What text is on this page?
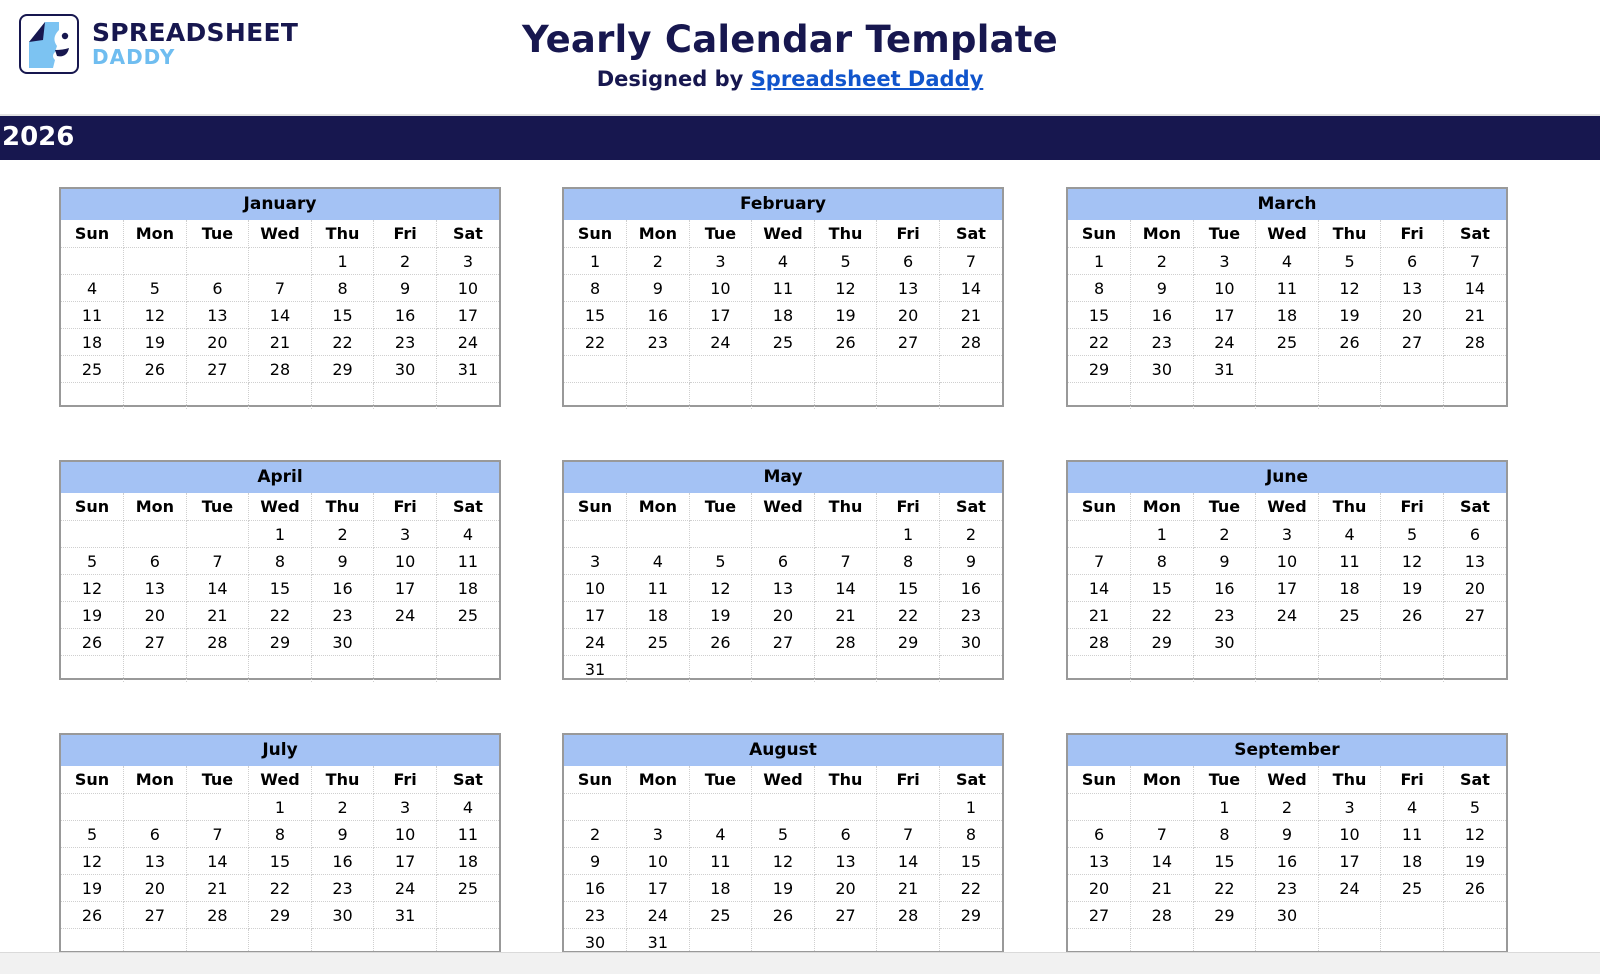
SPREADSHEET
DADDY	Yearly Calendar Template
Designed by Spreadsheet Daddy
2026
January
Sun	Mon	Tue	Wed	Thu	Fri	Sat
				1	2	3
4	5	6	7	8	9	10
11	12	13	14	15	16	17
18	19	20	21	22	23	24
25	26	27	28	29	30	31

February
Sun	Mon	Tue	Wed	Thu	Fri	Sat
1	2	3	4	5	6	7
8	9	10	11	12	13	14
15	16	17	18	19	20	21
22	23	24	25	26	27	28

March
Sun	Mon	Tue	Wed	Thu	Fri	Sat
1	2	3	4	5	6	7
8	9	10	11	12	13	14
15	16	17	18	19	20	21
22	23	24	25	26	27	28
29	30	31				

April
Sun	Mon	Tue	Wed	Thu	Fri	Sat
			1	2	3	4
5	6	7	8	9	10	11
12	13	14	15	16	17	18
19	20	21	22	23	24	25
26	27	28	29	30		

May
Sun	Mon	Tue	Wed	Thu	Fri	Sat
					1	2
3	4	5	6	7	8	9
10	11	12	13	14	15	16
17	18	19	20	21	22	23
24	25	26	27	28	29	30
31						
June
Sun	Mon	Tue	Wed	Thu	Fri	Sat
	1	2	3	4	5	6
7	8	9	10	11	12	13
14	15	16	17	18	19	20
21	22	23	24	25	26	27
28	29	30				

July
Sun	Mon	Tue	Wed	Thu	Fri	Sat
			1	2	3	4
5	6	7	8	9	10	11
12	13	14	15	16	17	18
19	20	21	22	23	24	25
26	27	28	29	30	31	

August
Sun	Mon	Tue	Wed	Thu	Fri	Sat
						1
2	3	4	5	6	7	8
9	10	11	12	13	14	15
16	17	18	19	20	21	22
23	24	25	26	27	28	29
30	31					
September
Sun	Mon	Tue	Wed	Thu	Fri	Sat
		1	2	3	4	5
6	7	8	9	10	11	12
13	14	15	16	17	18	19
20	21	22	23	24	25	26
27	28	29	30			
